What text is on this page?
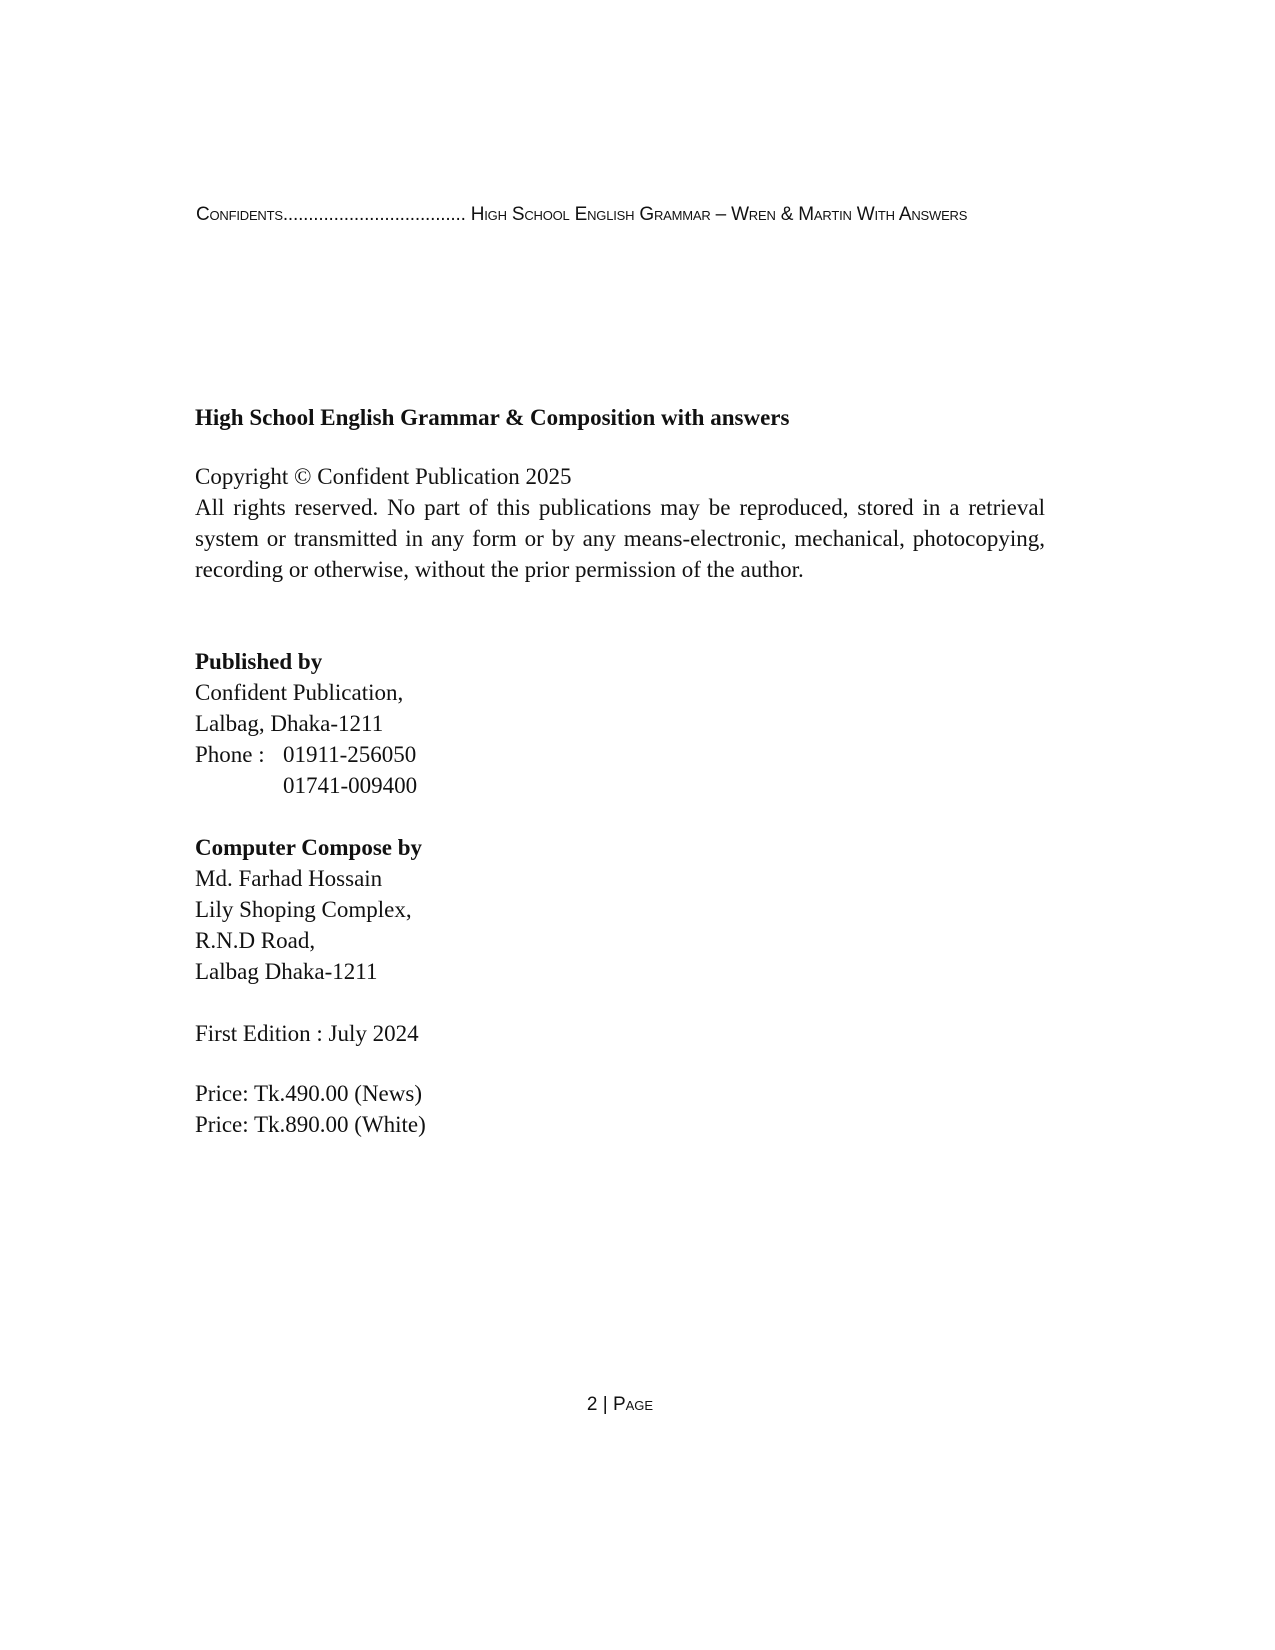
Confidents.................................... High School English Grammar – Wren & Martin With Answers

High School English Grammar & Composition with answers

Copyright © Confident Publication 2025

All rights reserved. No part of this publications may be reproduced, stored in a retrieval system or transmitted in any form or by any means-electronic, mechanical, photocopying, recording or otherwise, without the prior permission of the author.

Published by

Confident Publication,

Lalbag, Dhaka-1211

Phone : 01911-256050

01741-009400

Computer Compose by

Md. Farhad Hossain

Lily Shoping Complex,

R.N.D Road,

Lalbag Dhaka-1211

First Edition : July 2024

Price: Tk.490.00 (News)

Price: Tk.890.00 (White)

2 | Page
